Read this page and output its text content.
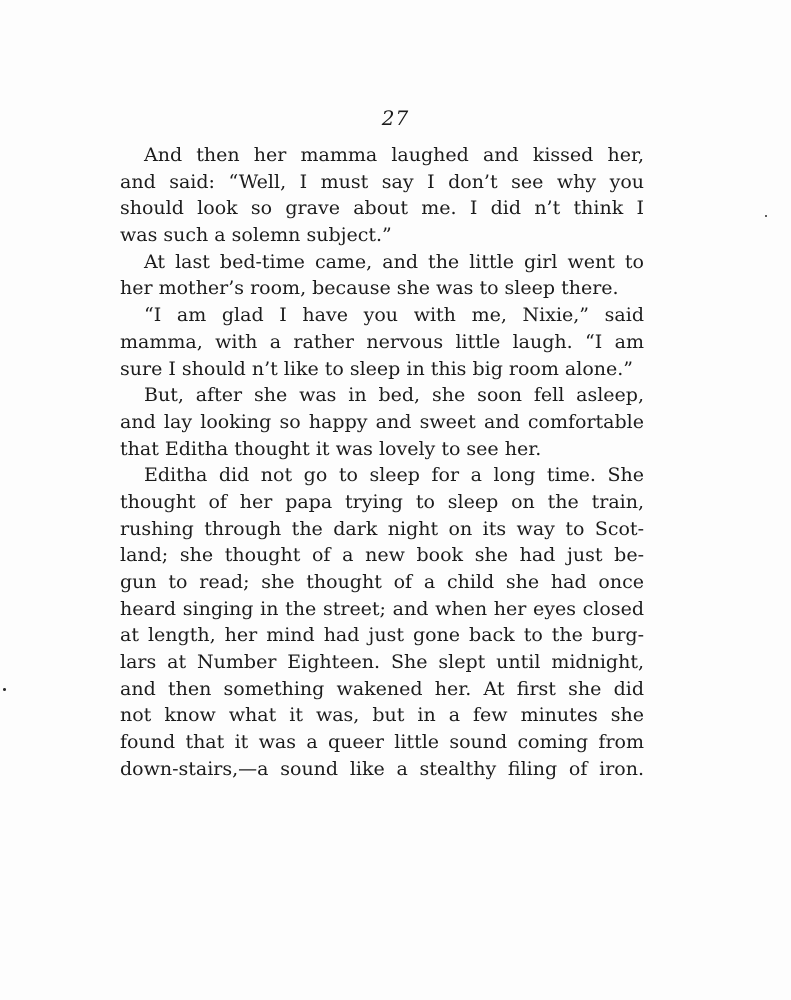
27
And then her mamma laughed and kissed her,
and said: “Well, I must say I don’t see why you
should look so grave about me. I did n’t think I
was such a solemn subject.”
At last bed-time came, and the little girl went to
her mother’s room, because she was to sleep there.
“I am glad I have you with me, Nixie,” said
mamma, with a rather nervous little laugh. “I am
sure I should n’t like to sleep in this big room alone.”
But, after she was in bed, she soon fell asleep,
and lay looking so happy and sweet and comfortable
that Editha thought it was lovely to see her.
Editha did not go to sleep for a long time. She
thought of her papa trying to sleep on the train,
rushing through the dark night on its way to Scot-
land; she thought of a new book she had just be-
gun to read; she thought of a child she had once
heard singing in the street; and when her eyes closed
at length, her mind had just gone back to the burg-
lars at Number Eighteen. She slept until midnight,
and then something wakened her. At first she did
not know what it was, but in a few minutes she
found that it was a queer little sound coming from
down-stairs,—a sound like a stealthy filing of iron.
